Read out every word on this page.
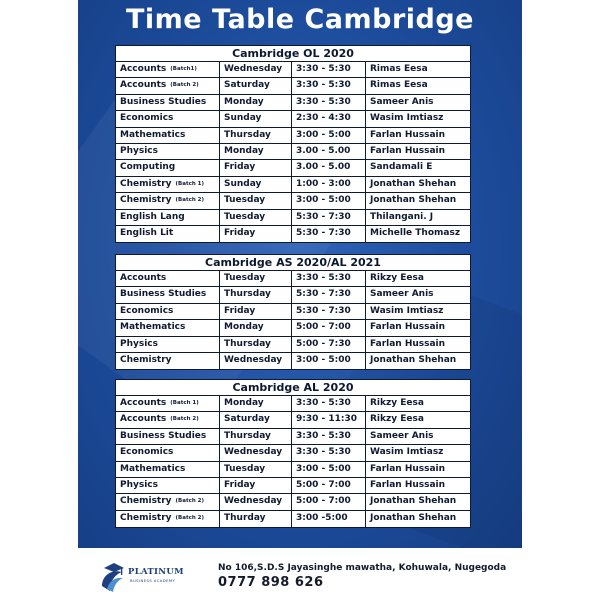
Time Table Cambridge
Cambridge OL 2020
Accounts (Batch1)	Wednesday	3:30 - 5:30	Rimas Eesa
Accounts (Batch 2)	Saturday	3:30 - 5:30	Rimas Eesa
Business Studies	Monday	3:30 - 5:30	Sameer Anis
Economics	Sunday	2:30 - 4:30	Wasim Imtiasz
Mathematics	Thursday	3:00 - 5:00	Farlan Hussain
Physics	Monday	3.00 - 5.00	Farlan Hussain
Computing	Friday	3.00 - 5.00	Sandamali E
Chemistry (Batch 1)	Sunday	1:00 - 3:00	Jonathan Shehan
Chemistry (Batch 2)	Tuesday	3:00 - 5:00	Jonathan Shehan
English Lang	Tuesday	5:30 - 7:30	Thilangani. J
English Lit	Friday	5:30 - 7:30	Michelle Thomasz
Cambridge AS 2020/AL 2021
Accounts	Tuesday	3:30 - 5:30	Rikzy Eesa
Business Studies	Thursday	5:30 - 7:30	Sameer Anis
Economics	Friday	5:30 - 7:30	Wasim Imtiasz
Mathematics	Monday	5:00 - 7:00	Farlan Hussain
Physics	Thursday	5:00 - 7:30	Farlan Hussain
Chemistry	Wednesday	3:00 - 5:00	Jonathan Shehan
Cambridge AL 2020
Accounts (Batch 1)	Monday	3:30 - 5:30	Rikzy Eesa
Accounts (Batch 2)	Saturday	9:30 - 11:30	Rikzy Eesa
Business Studies	Thursday	3:30 - 5:30	Sameer Anis
Economics	Wednesday	3:30 - 5:30	Wasim Imtiasz
Mathematics	Tuesday	3:00 - 5:00	Farlan Hussain
Physics	Friday	5:00 - 7:00	Farlan Hussain
Chemistry (Batch 2)	Wednesday	5:00 - 7:00	Jonathan Shehan
Chemistry (Batch 2)	Thurday	3:00 -5:00	Jonathan Shehan
PLATINUM
BUSINESS ACADEMY
No 106,S.D.S Jayasinghe mawatha, Kohuwala, Nugegoda
0777 898 626
